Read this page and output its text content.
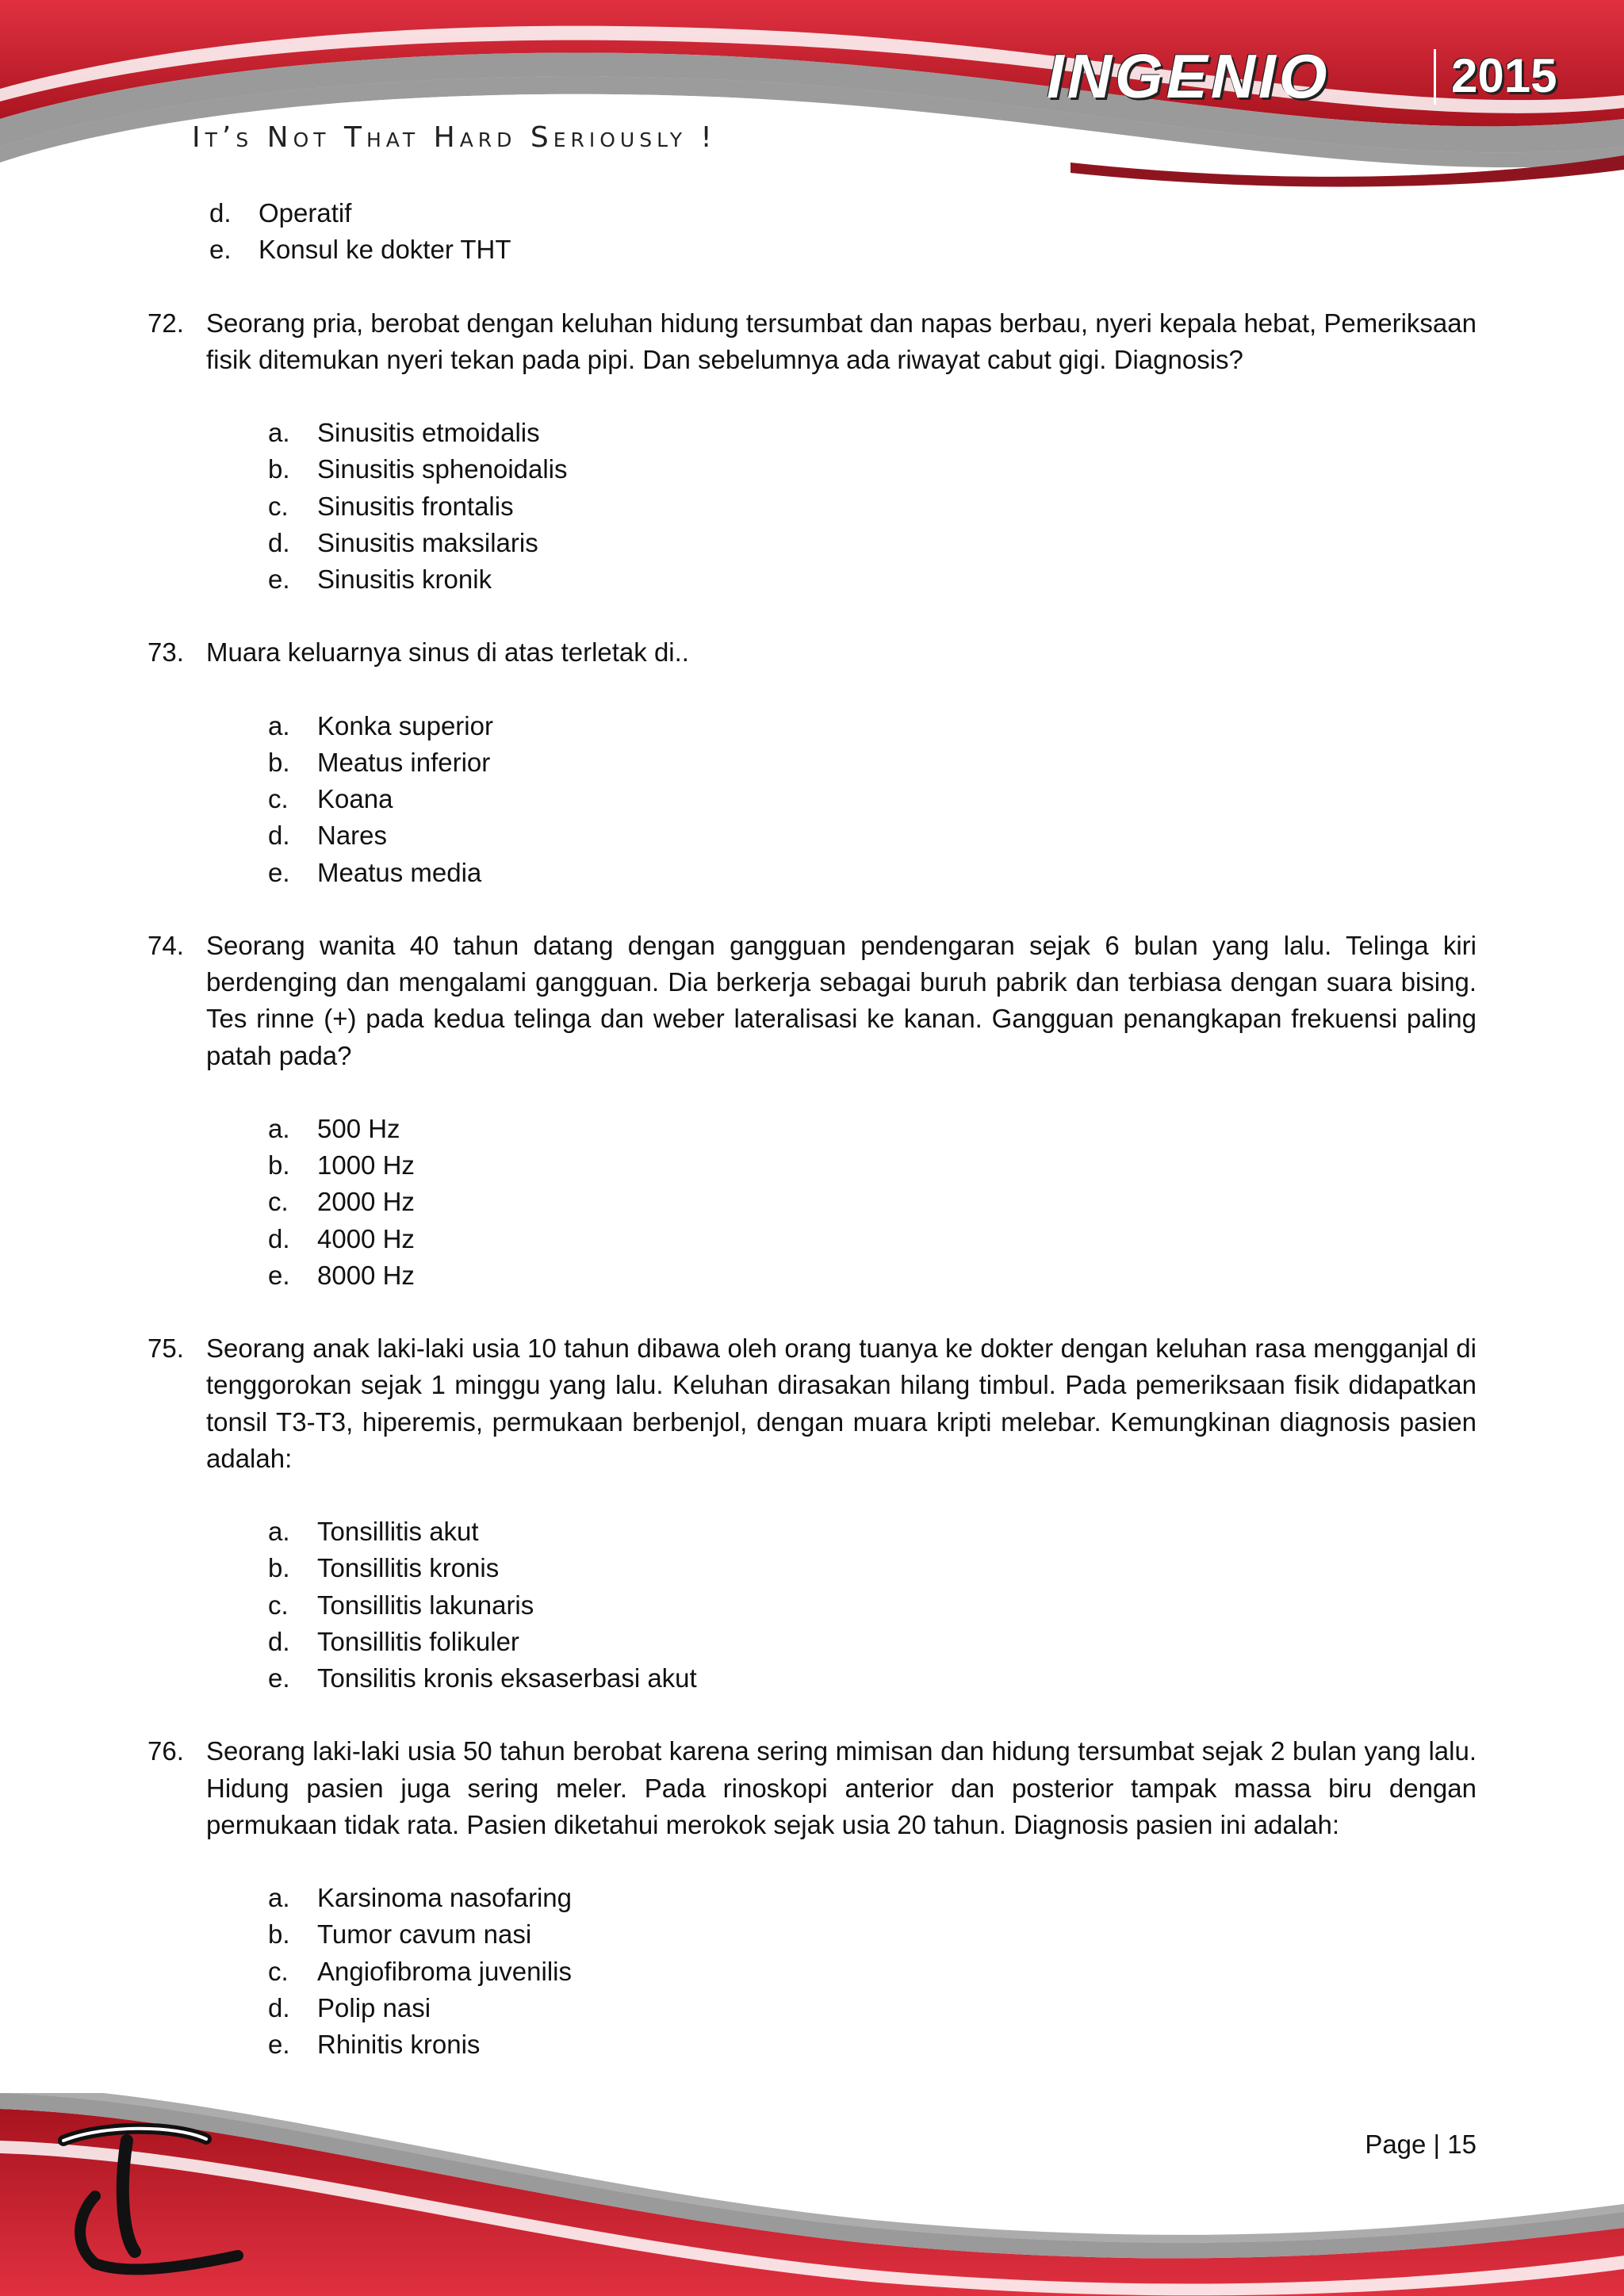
INGENIO	2015
It’s Not That Hard Seriously !
d. Operatif
e. Konsul ke dokter THT
72. Seorang pria, berobat dengan keluhan hidung tersumbat dan napas berbau, nyeri kepala hebat, Pemeriksaan fisik ditemukan nyeri tekan pada pipi. Dan sebelumnya ada riwayat cabut gigi. Diagnosis?
a. Sinusitis etmoidalis
b. Sinusitis sphenoidalis
c. Sinusitis frontalis
d. Sinusitis maksilaris
e. Sinusitis kronik
73. Muara keluarnya sinus di atas terletak di..
a. Konka superior
b. Meatus inferior
c. Koana
d. Nares
e. Meatus media
74. Seorang wanita 40 tahun datang dengan gangguan pendengaran sejak 6 bulan yang lalu. Telinga kiri berdenging dan mengalami gangguan. Dia berkerja sebagai buruh pabrik dan terbiasa dengan suara bising. Tes rinne (+) pada kedua telinga dan weber lateralisasi ke kanan. Gangguan penangkapan frekuensi paling patah pada?
a. 500 Hz
b. 1000 Hz
c. 2000 Hz
d. 4000 Hz
e. 8000 Hz
75. Seorang anak laki-laki usia 10 tahun dibawa oleh orang tuanya ke dokter dengan keluhan rasa mengganjal di tenggorokan sejak 1 minggu yang lalu. Keluhan dirasakan hilang timbul. Pada pemeriksaan fisik didapatkan tonsil T3-T3, hiperemis, permukaan berbenjol, dengan muara kripti melebar. Kemungkinan diagnosis pasien adalah:
a. Tonsillitis akut
b. Tonsillitis kronis
c. Tonsillitis lakunaris
d. Tonsillitis folikuler
e. Tonsilitis kronis eksaserbasi akut
76. Seorang laki-laki usia 50 tahun berobat karena sering mimisan dan hidung tersumbat sejak 2 bulan yang lalu. Hidung pasien juga sering meler. Pada rinoskopi anterior dan posterior tampak massa biru dengan permukaan tidak rata. Pasien diketahui merokok sejak usia 20 tahun. Diagnosis pasien ini adalah:
a. Karsinoma nasofaring
b. Tumor cavum nasi
c. Angiofibroma juvenilis
d. Polip nasi
e. Rhinitis kronis
Page | 15
